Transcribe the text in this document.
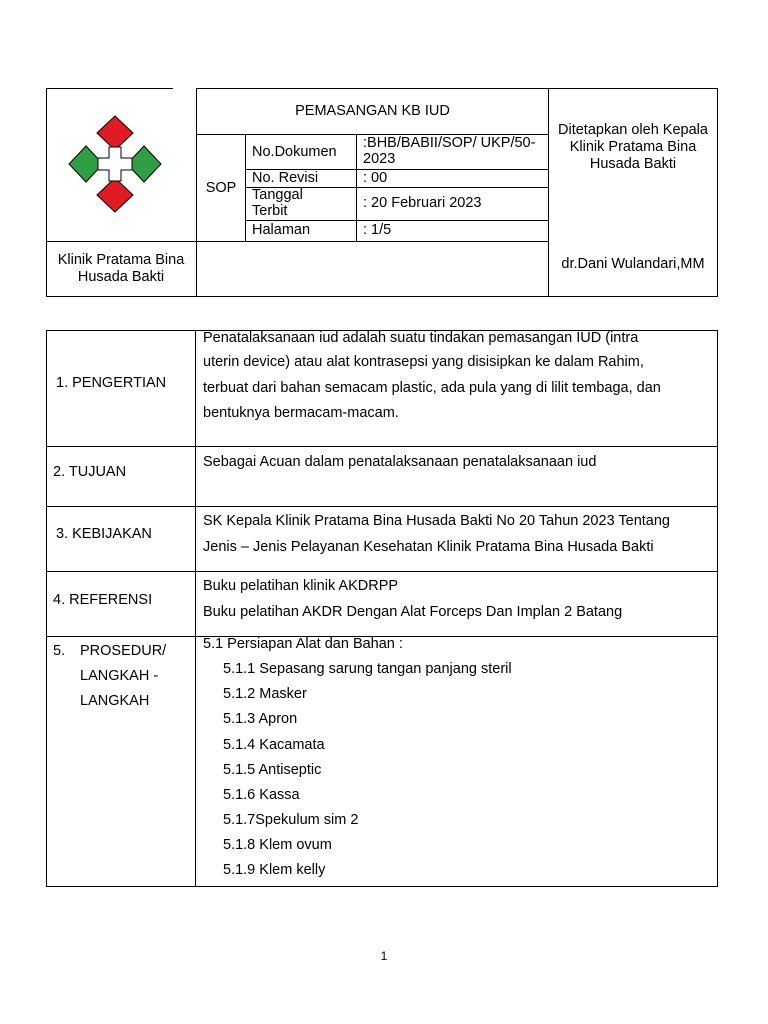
PEMASANGAN KB IUD
SOP
No.Dokumen
:BHB/BABII/SOP/ UKP/50-2023
No. Revisi	: 00
Tanggal Terbit	: 20 Februari 2023
Halaman	: 1/5
Ditetapkan oleh Kepala Klinik Pratama Bina Husada Bakti
Klinik Pratama Bina Husada Bakti
dr.Dani Wulandari,MM
1. PENGERTIAN
Penatalaksanaan iud adalah suatu tindakan pemasangan IUD (intra
uterin device) atau alat kontrasepsi yang disisipkan ke dalam Rahim,
terbuat dari bahan semacam plastic, ada pula yang di lilit tembaga, dan
bentuknya bermacam-macam.
2. TUJUAN
Sebagai Acuan dalam penatalaksanaan penatalaksanaan iud
3. KEBIJAKAN
SK Kepala Klinik Pratama Bina Husada Bakti No 20 Tahun 2023 Tentang
Jenis – Jenis Pelayanan Kesehatan Klinik Pratama Bina Husada Bakti
4. REFERENSI
Buku pelatihan klinik AKDRPP
Buku pelatihan AKDR Dengan Alat Forceps Dan Implan 2 Batang
5. PROSEDUR/
LANGKAH -
LANGKAH
5.1 Persiapan Alat dan Bahan :
5.1.1 Sepasang sarung tangan panjang steril
5.1.2 Masker
5.1.3 Apron
5.1.4 Kacamata
5.1.5 Antiseptic
5.1.6 Kassa
5.1.7Spekulum sim 2
5.1.8 Klem ovum
5.1.9 Klem kelly
1
